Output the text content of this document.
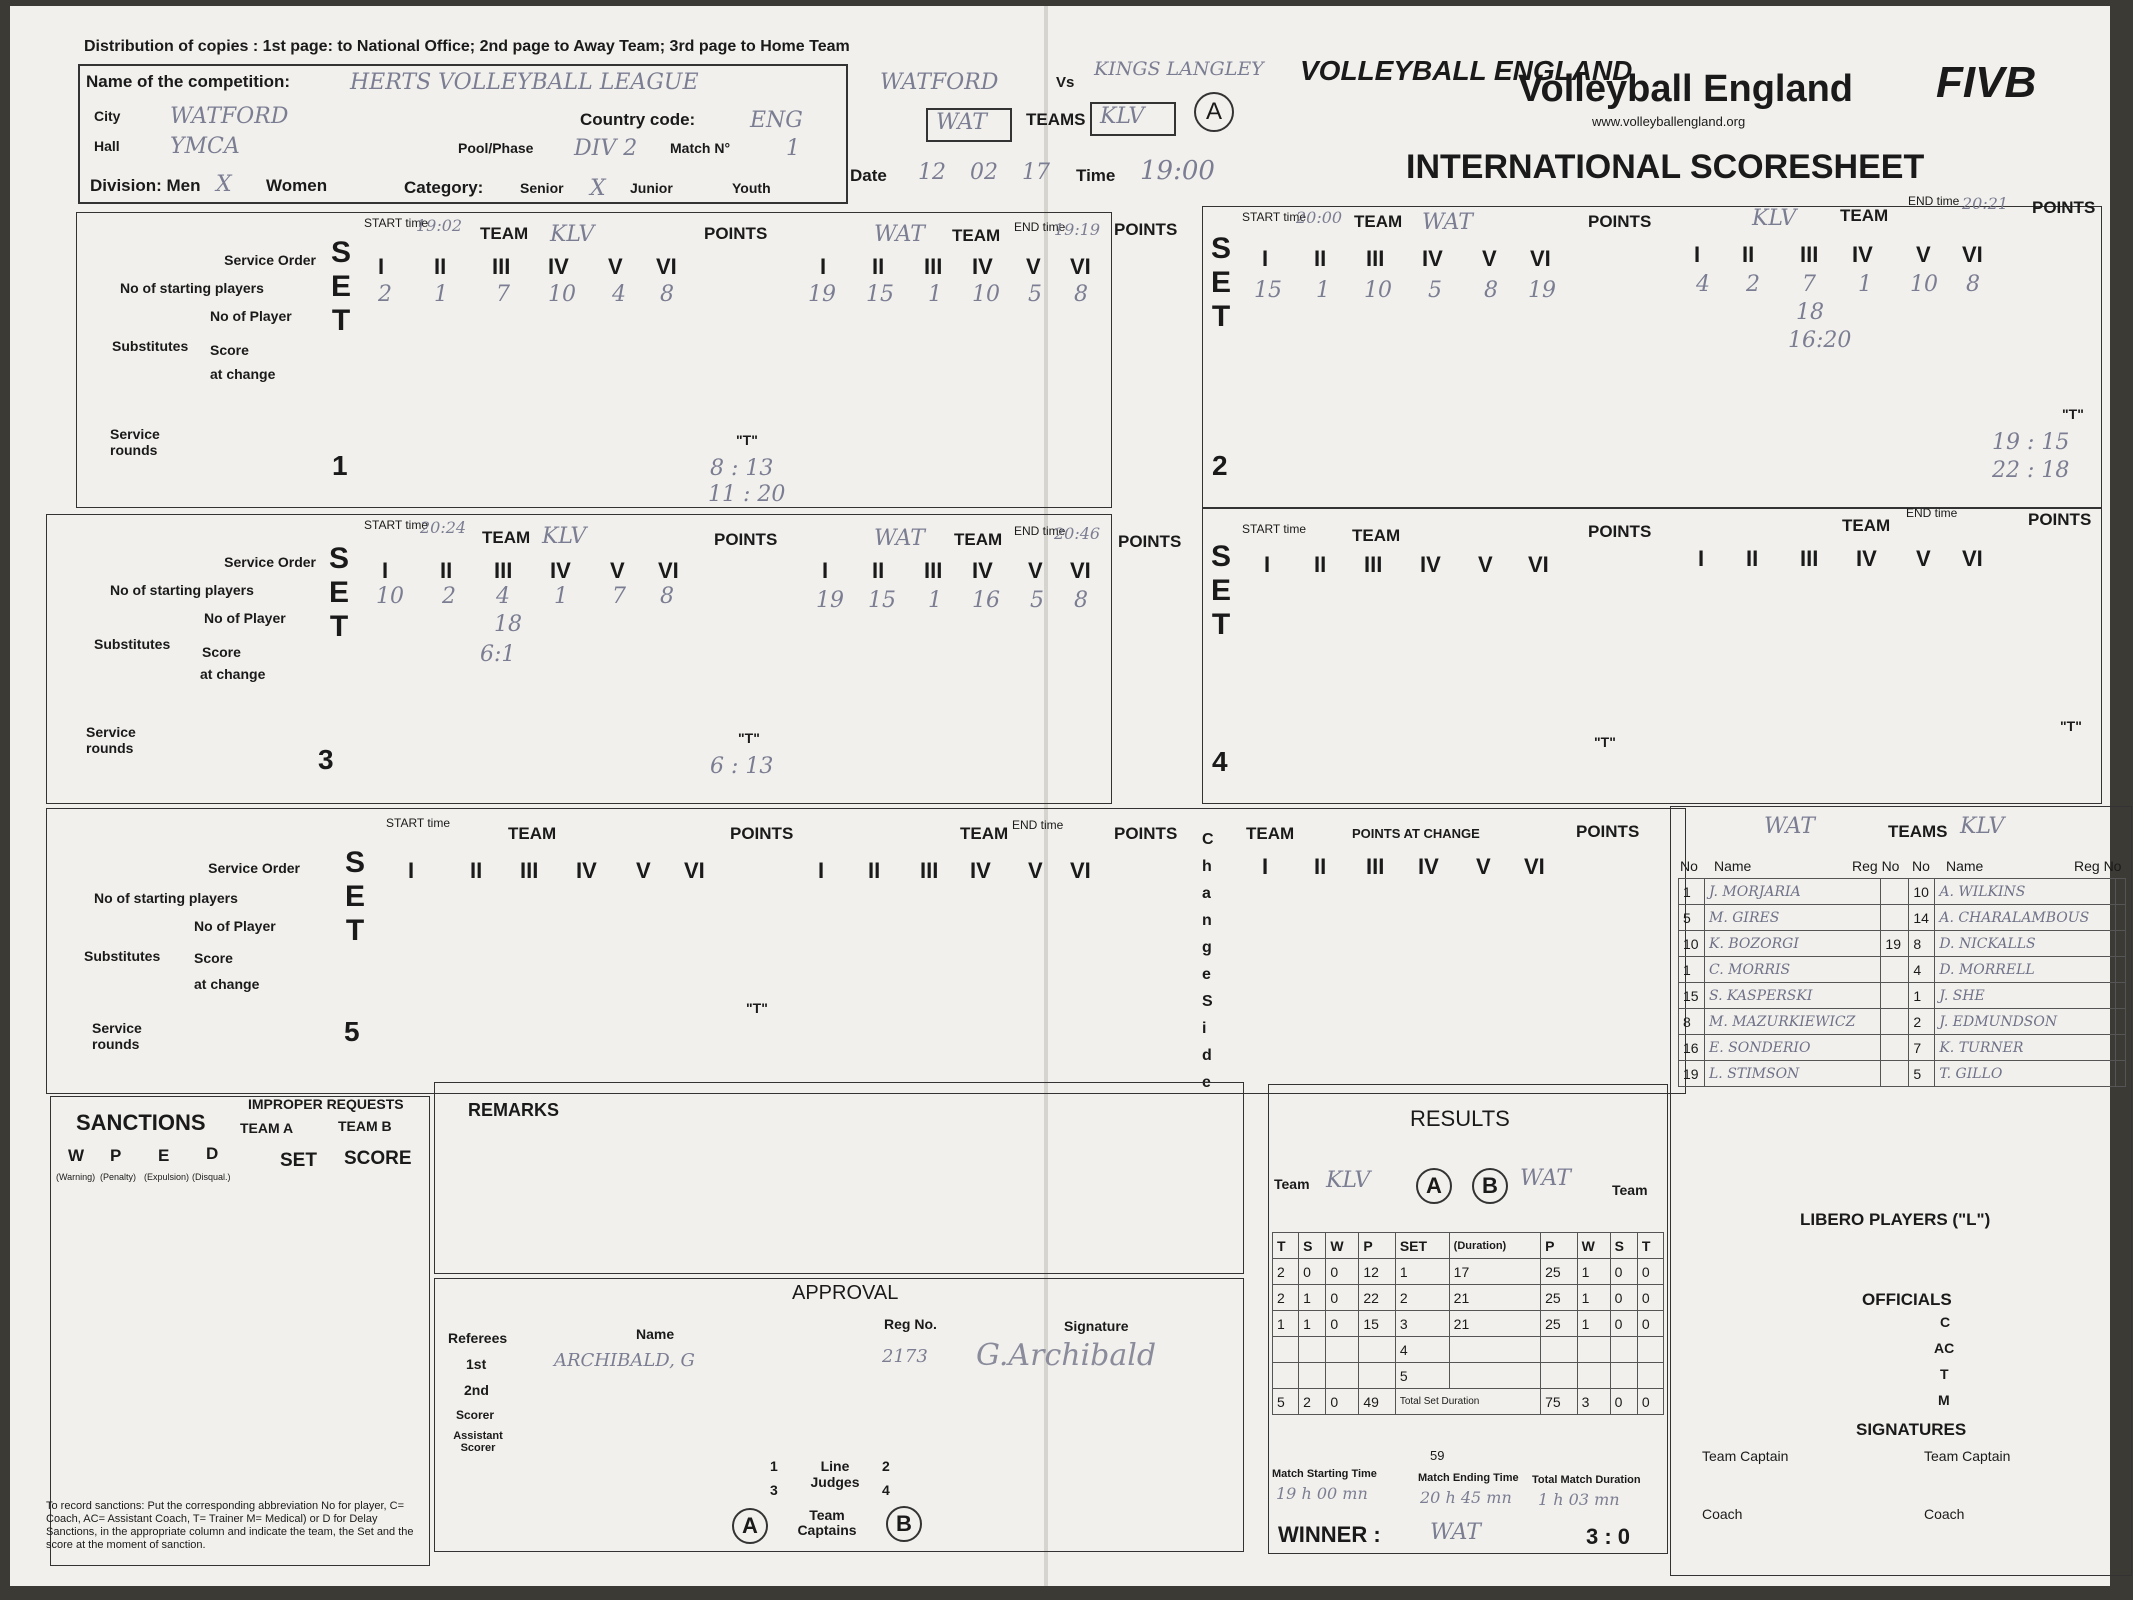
Distribution of copies : 1st page: to National Office; 2nd page to Away Team; 3rd page to Home Team
Name of the competition:	HERTS VOLLEYBALL LEAGUE
City WATFORD
Hall YMCA
Country code: ENG
Pool/Phase DIV 2 Match N°	1
Division: Men X Women	Category:	Senior X Junior	Youth
WATFORD	Vs
KINGS LANGLEY
WAT TEAMS KLV	A
Date 12 02 17 Time 19:00
VOLLEYBALL ENGLAND
Volleyball England
www.volleyballengland.org
FIVB
INTERNATIONAL SCORESHEET
Service Order
No of starting players
No of Player
Substitutes Score
at change
Service rounds
S
E
T
1
START time
19:02 TEAM KLV	POINTS	WAT TEAM END time
19:19 POINTS
I II III IV V VI
2 1 7 10 4 8
I II III IV V VI
19 15 1 10 5 8
"T"
8 : 13
11 : 20
S
E
T
2
START time
20:00 TEAM WAT	POINTS	KLV	TEAM
END time 20:21 POINTS
I II III IV V VI
15 1 10 5 8 19
I II III IV V VI
4 2 7 1 10 8
18
16:20
"T"
19 : 15
22 : 18
Service Order
No of starting players
No of Player
Substitutes Score
at change
Service rounds
S
E
T
3
START time
20:24
TEAM KLV	POINTS	WAT TEAM END time
20:46 POINTS
I II III IV V VI
10 2 4 1 7 8
I II III IV V VI
19 15 1 16 5 8
18
6:1
"T"
6 : 13
S
E
T
4
START time	TEAM	POINTS	TEAM
END time	POINTS
I II III IV V VI	I II III IV V VI
"T"
"T"
Service Order
No of starting players
No of Player
Substitutes Score
at change
Service rounds
S
E
T
5
START time
TEAM	POINTS	TEAM END time	POINTS Change Side
TEAM	POINTS AT CHANGE	POINTS
I	II III IV V VI	I II III IV V VI	I II III IV V VI
"T"
WAT	TEAMS KLV
No Name	Reg No No Name	Reg No
1	J. MORJARIA		10	A. WILKINS	
5	M. GIRES		14	A. CHARALAMBOUS	
10	K. BOZORGI	19	8	D. NICKALLS	
1	C. MORRIS		4	D. MORRELL	
15	S. KASPERSKI		1	J. SHE	
8	M. MAZURKIEWICZ		2	J. EDMUNDSON	
16	E. SONDERIO		7	K. TURNER	
19	L. STIMSON		5	T. GILLO	
LIBERO PLAYERS ("L")
OFFICIALS
C
AC
T
M
SIGNATURES
Team Captain	Team Captain
Coach	Coach
SANCTIONS
IMPROPER REQUESTS
TEAM A	TEAM B
W P E D
(Warning) (Penalty) (Expulsion) (Disqual.)
SET SCORE
To record sanctions: Put the corresponding abbreviation No for player, C= Coach, AC= Assistant Coach, T= Trainer M= Medical) or D for Delay Sanctions, in the appropriate column and indicate the team, the Set and the score at the moment of sanction.
REMARKS
APPROVAL
Referees	Name
Reg No.	Signature
1st	ARCHIBALD, G	2173 G.Archibald
2nd
Scorer
Assistant Scorer
Line Judges
1	2
3	4
A	Team Captains	B
RESULTS
Team KLV	A	B	WAT	Team
T	S	W	P	SET	(Duration)	P	W	S	T
2	0	0	12	1	17	25	1	0	0
2	1	0	22	2	21	25	1	0	0
1	1	0	15	3	21	25	1	0	0
				4					
				5					
5	2	0	49	Total Set Duration		75	3	0	0
59
Match Starting Time
19 h 00 mn
Match Ending Time
20 h 45 mn
Total Match Duration
1 h 03 mn
WINNER : WAT	3 : 0
